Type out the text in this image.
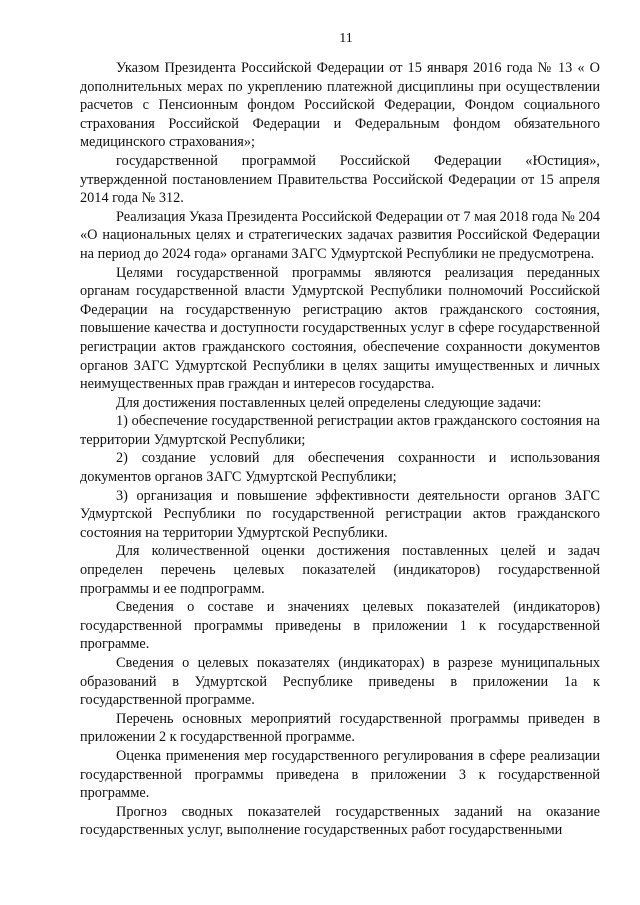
11

Указом Президента Российской Федерации от 15 января 2016 года № 13 « О дополнительных мерах по укреплению платежной дисциплины при осуществлении расчетов с Пенсионным фондом Российской Федерации, Фондом социального страхования Российской Федерации и Федеральным фондом обязательного медицинского страхования»;

государственной программой Российской Федерации «Юстиция», утвержденной постановлением Правительства Российской Федерации от 15 апреля 2014 года № 312.

Реализация Указа Президента Российской Федерации от 7 мая 2018 года № 204 «О национальных целях и стратегических задачах развития Российской Федерации на период до 2024 года» органами ЗАГС Удмуртской Республики не предусмотрена.

Целями государственной программы являются реализация переданных органам государственной власти Удмуртской Республики полномочий Российской Федерации на государственную регистрацию актов гражданского состояния, повышение качества и доступности государственных услуг в сфере государственной регистрации актов гражданского состояния, обеспечение сохранности документов органов ЗАГС Удмуртской Республики в целях защиты имущественных и личных неимущественных прав граждан и интересов государства.

Для достижения поставленных целей определены следующие задачи:

1) обеспечение государственной регистрации актов гражданского состояния на территории Удмуртской Республики;

2) создание условий для обеспечения сохранности и использования документов органов ЗАГС Удмуртской Республики;

3) организация и повышение эффективности деятельности органов ЗАГС Удмуртской Республики по государственной регистрации актов гражданского состояния на территории Удмуртской Республики.

Для количественной оценки достижения поставленных целей и задач определен перечень целевых показателей (индикаторов) государственной программы и ее подпрограмм.

Сведения о составе и значениях целевых показателей (индикаторов) государственной программы приведены в приложении 1 к государственной программе.

Сведения о целевых показателях (индикаторах) в разрезе муниципальных образований в Удмуртской Республике приведены в приложении 1а к государственной программе.

Перечень основных мероприятий государственной программы приведен в приложении 2 к государственной программе.

Оценка применения мер государственного регулирования в сфере реализации государственной программы приведена в приложении 3 к государственной программе.

Прогноз сводных показателей государственных заданий на оказание государственных услуг, выполнение государственных работ государственными
